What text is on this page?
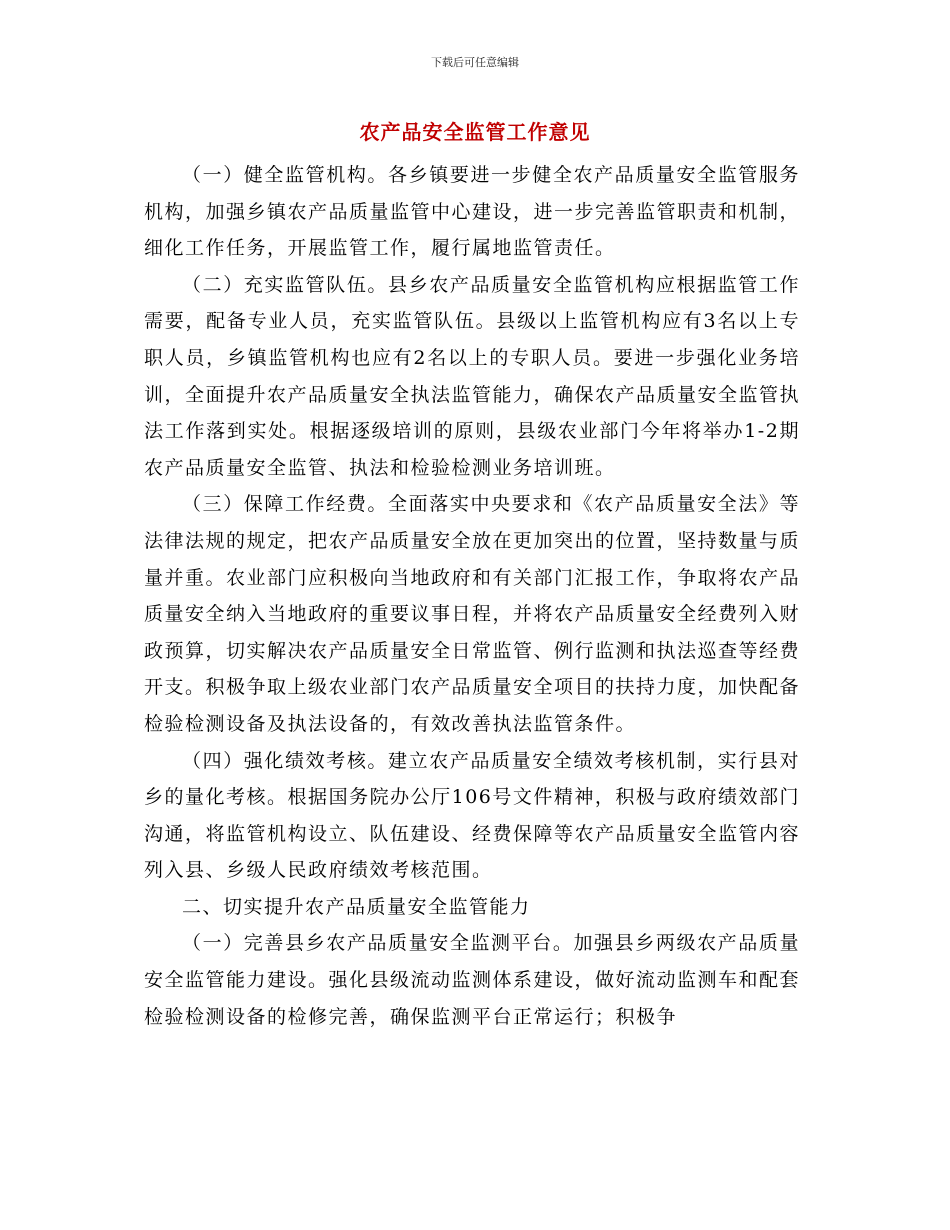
下载后可任意编辑
农产品安全监管工作意见

（一）健全监管机构。各乡镇要进一步健全农产品质量安全监管服务机构，加强乡镇农产品质量监管中心建设，进一步完善监管职责和机制，细化工作任务，开展监管工作，履行属地监管责任。

（二）充实监管队伍。县乡农产品质量安全监管机构应根据监管工作需要，配备专业人员，充实监管队伍。县级以上监管机构应有3名以上专职人员，乡镇监管机构也应有2名以上的专职人员。要进一步强化业务培训，全面提升农产品质量安全执法监管能力，确保农产品质量安全监管执法工作落到实处。根据逐级培训的原则，县级农业部门今年将举办1-2期农产品质量安全监管、执法和检验检测业务培训班。

（三）保障工作经费。全面落实中央要求和《农产品质量安全法》等法律法规的规定，把农产品质量安全放在更加突出的位置，坚持数量与质量并重。农业部门应积极向当地政府和有关部门汇报工作，争取将农产品质量安全纳入当地政府的重要议事日程，并将农产品质量安全经费列入财政预算，切实解决农产品质量安全日常监管、例行监测和执法巡查等经费开支。积极争取上级农业部门农产品质量安全项目的扶持力度，加快配备检验检测设备及执法设备的，有效改善执法监管条件。

（四）强化绩效考核。建立农产品质量安全绩效考核机制，实行县对乡的量化考核。根据国务院办公厅106号文件精神，积极与政府绩效部门沟通，将监管机构设立、队伍建设、经费保障等农产品质量安全监管内容列入县、乡级人民政府绩效考核范围。

二、切实提升农产品质量安全监管能力

（一）完善县乡农产品质量安全监测平台。加强县乡两级农产品质量安全监管能力建设。强化县级流动监测体系建设，做好流动监测车和配套检验检测设备的检修完善，确保监测平台正常运行；积极争
